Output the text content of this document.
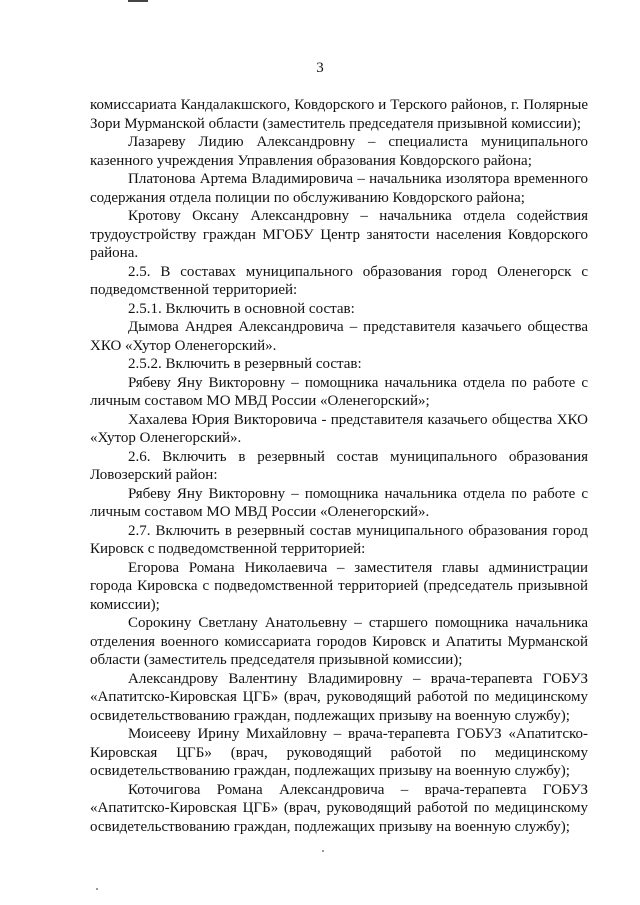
3

комиссариата Кандалакшского, Ковдорского и Терского районов, г. Полярные Зори Мурманской области (заместитель председателя призывной комиссии);

Лазареву Лидию Александровну – специалиста муниципального казенного учреждения Управления образования Ковдорского района;

Платонова Артема Владимировича – начальника изолятора временного содержания отдела полиции по обслуживанию Ковдорского района;

Кротову Оксану Александровну – начальника отдела содействия трудоустройству граждан МГОБУ Центр занятости населения Ковдорского района.

2.5. В составах муниципального образования город Оленегорск с подведомственной территорией:

2.5.1. Включить в основной состав:

Дымова Андрея Александровича – представителя казачьего общества ХКО «Хутор Оленегорский».

2.5.2. Включить в резервный состав:

Рябеву Яну Викторовну – помощника начальника отдела по работе с личным составом МО МВД России «Оленегорский»;

Хахалева Юрия Викторовича - представителя казачьего общества ХКО «Хутор Оленегорский».

2.6. Включить в резервный состав муниципального образования Ловозерский район:

Рябеву Яну Викторовну – помощника начальника отдела по работе с личным составом МО МВД России «Оленегорский».

2.7. Включить в резервный состав муниципального образования город Кировск с подведомственной территорией:

Егорова Романа Николаевича – заместителя главы администрации города Кировска с подведомственной территорией (председатель призывной комиссии);

Сорокину Светлану Анатольевну – старшего помощника начальника отделения военного комиссариата городов Кировск и Апатиты Мурманской области (заместитель председателя призывной комиссии);

Александрову Валентину Владимировну – врача-терапевта ГОБУЗ «Апатитско-Кировская ЦГБ» (врач, руководящий работой по медицинскому освидетельствованию граждан, подлежащих призыву на военную службу);

Моисееву Ирину Михайловну – врача-терапевта ГОБУЗ «Апатитско-Кировская ЦГБ» (врач, руководящий работой по медицинскому освидетельствованию граждан, подлежащих призыву на военную службу);

Коточигова Романа Александровича – врача-терапевта ГОБУЗ «Апатитско-Кировская ЦГБ» (врач, руководящий работой по медицинскому освидетельствованию граждан, подлежащих призыву на военную службу);
